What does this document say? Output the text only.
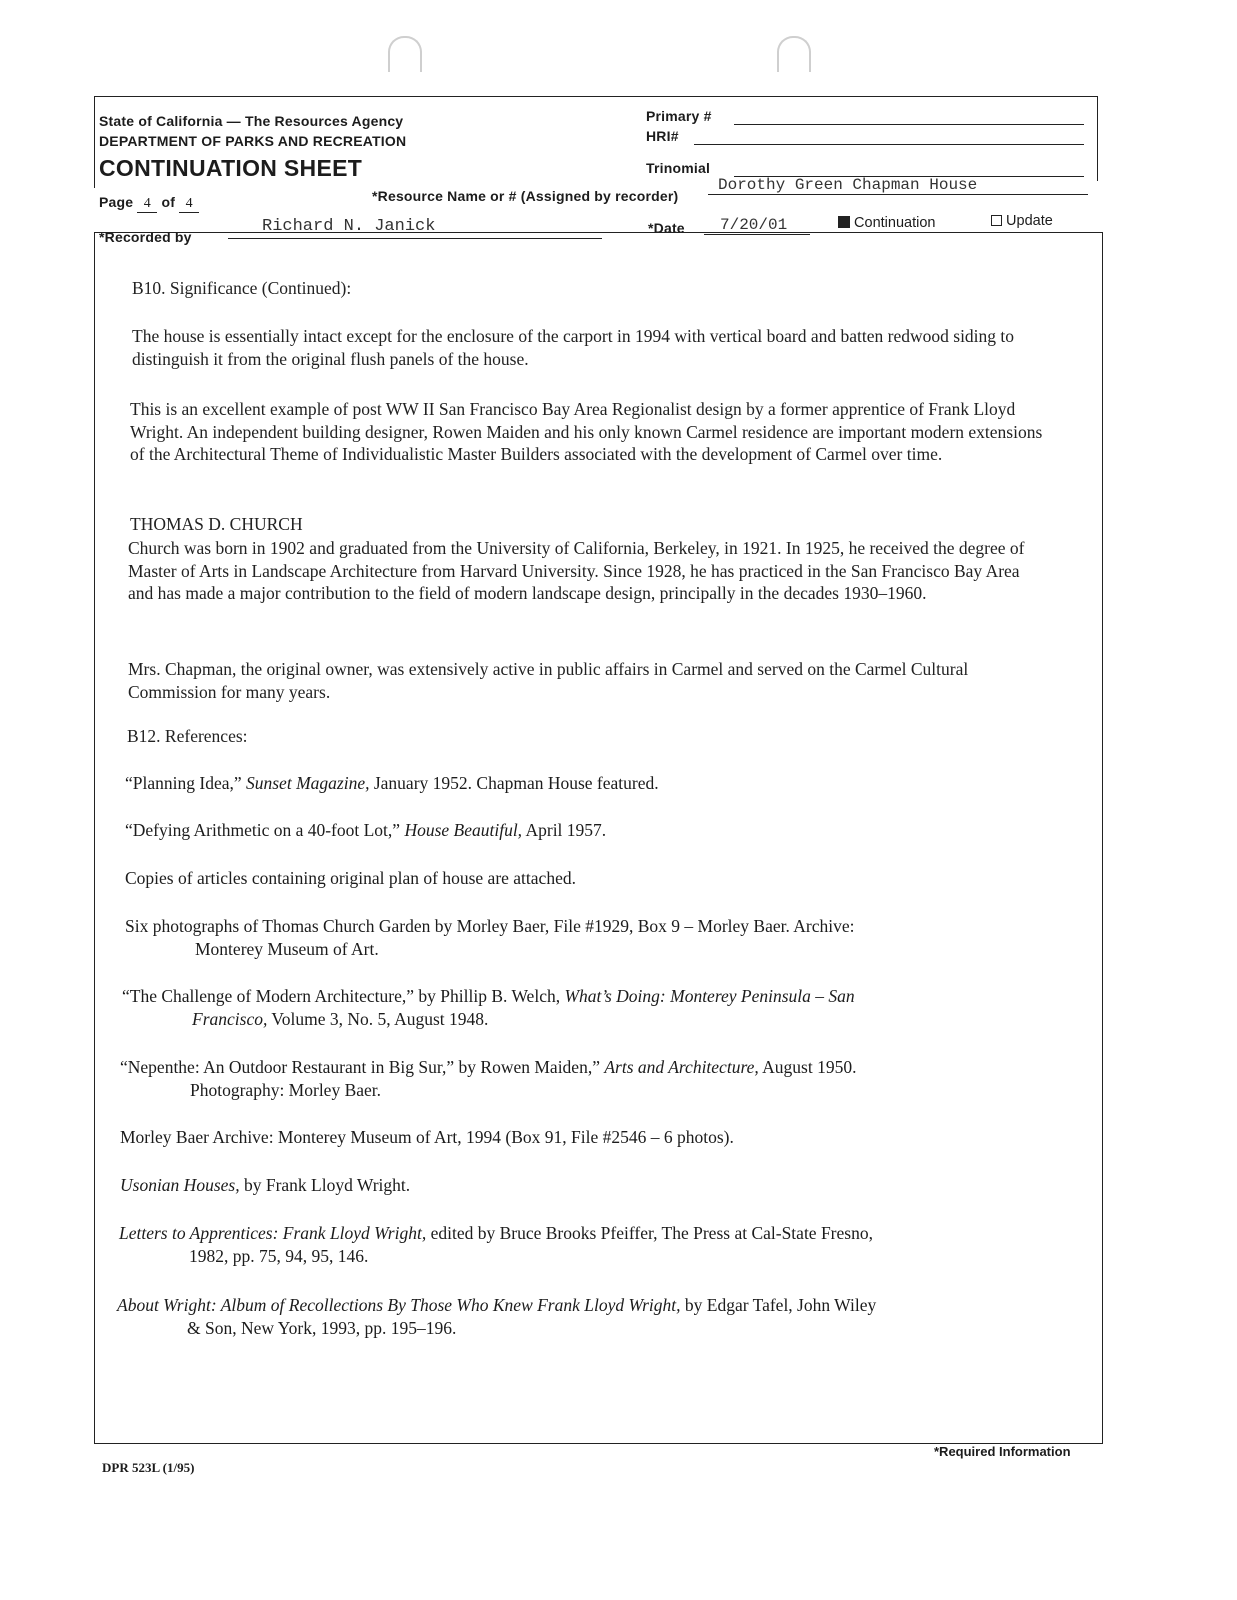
State of California — The Resources Agency
DEPARTMENT OF PARKS AND RECREATION
CONTINUATION SHEET
Primary #
HRI#
Trinomial
Page 4 of 4	*Resource Name or # (Assigned by recorder)
Dorothy Green Chapman House
*Recorded by
Richard N. Janick	*Date 7/20/01	Continuation	Update
B10. Significance (Continued):
The house is essentially intact except for the enclosure of the carport in 1994 with vertical board and batten redwood siding to distinguish it from the original flush panels of the house.
This is an excellent example of post WW II San Francisco Bay Area Regionalist design by a former apprentice of Frank Lloyd Wright. An independent building designer, Rowen Maiden and his only known Carmel residence are important modern extensions of the Architectural Theme of Individualistic Master Builders associated with the development of Carmel over time.
THOMAS D. CHURCH
Church was born in 1902 and graduated from the University of California, Berkeley, in 1921. In 1925, he received the degree of Master of Arts in Landscape Architecture from Harvard University. Since 1928, he has practiced in the San Francisco Bay Area and has made a major contribution to the field of modern landscape design, principally in the decades 1930–1960.
Mrs. Chapman, the original owner, was extensively active in public affairs in Carmel and served on the Carmel Cultural Commission for many years.
B12. References:
“Planning Idea,” Sunset Magazine, January 1952. Chapman House featured.
“Defying Arithmetic on a 40-foot Lot,” House Beautiful, April 1957.
Copies of articles containing original plan of house are attached.
Six photographs of Thomas Church Garden by Morley Baer, File #1929, Box 9 – Morley Baer. Archive:
Monterey Museum of Art.
“The Challenge of Modern Architecture,” by Phillip B. Welch, What’s Doing: Monterey Peninsula – San
Francisco, Volume 3, No. 5, August 1948.
“Nepenthe: An Outdoor Restaurant in Big Sur,” by Rowen Maiden,” Arts and Architecture, August 1950.
Photography: Morley Baer.
Morley Baer Archive: Monterey Museum of Art, 1994 (Box 91, File #2546 – 6 photos).
Usonian Houses, by Frank Lloyd Wright.
Letters to Apprentices: Frank Lloyd Wright, edited by Bruce Brooks Pfeiffer, The Press at Cal-State Fresno,
1982, pp. 75, 94, 95, 146.
About Wright: Album of Recollections By Those Who Knew Frank Lloyd Wright, by Edgar Tafel, John Wiley
& Son, New York, 1993, pp. 195–196.
*Required Information
DPR 523L (1/95)
